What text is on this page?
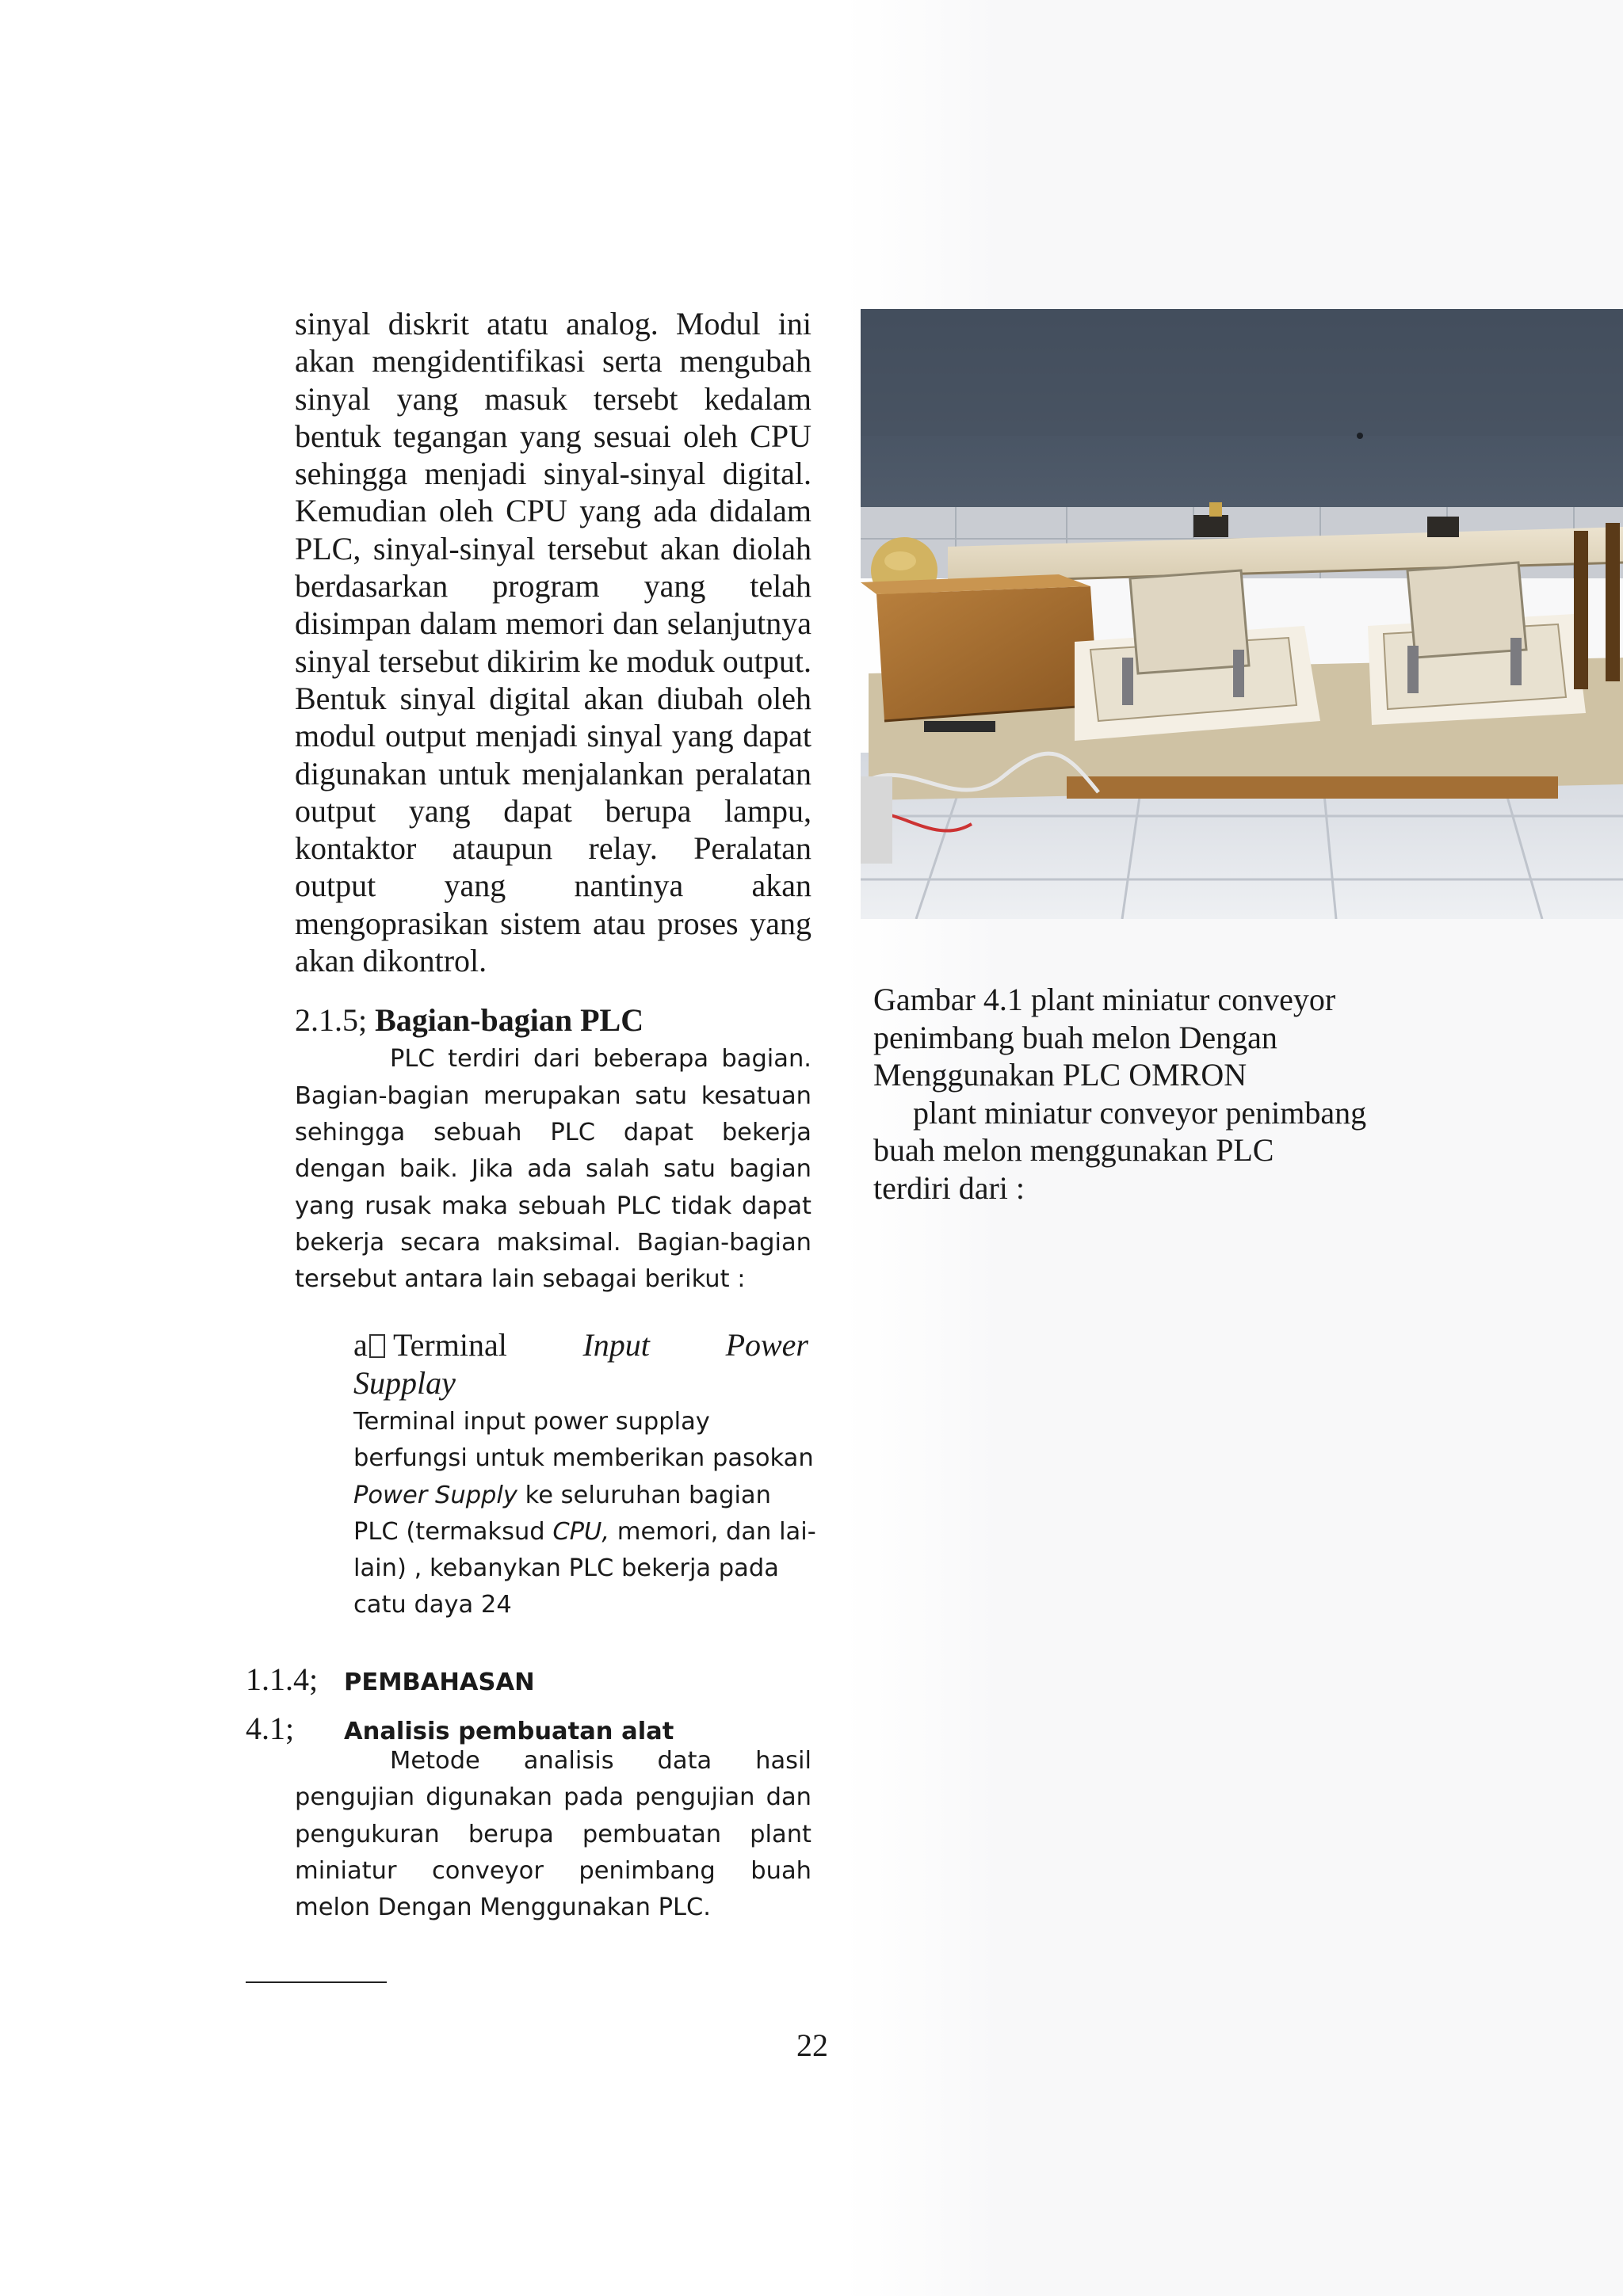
sinyal diskrit atatu analog. Modul ini akan mengidentifikasi serta mengubah sinyal yang masuk tersebt kedalam bentuk tegangan yang sesuai oleh CPU sehingga menjadi sinyal-sinyal digital. Kemudian oleh CPU yang ada didalam PLC, sinyal-sinyal tersebut akan diolah berdasarkan program yang telah disimpan dalam memori dan selanjutnya sinyal tersebut dikirim ke moduk output. Bentuk sinyal digital akan diubah oleh modul output menjadi sinyal yang dapat digunakan untuk menjalankan peralatan output yang dapat berupa lampu, kontaktor ataupun relay. Peralatan output yang nantinya akan mengoprasikan sistem atau proses yang akan dikontrol.

2.1.5; Bagian-bagian PLC

PLC terdiri dari beberapa bagian. Bagian-bagian merupakan satu kesatuan sehingga sebuah PLC dapat bekerja dengan baik. Jika ada salah satu bagian yang rusak maka sebuah PLC tidak dapat bekerja secara maksimal. Bagian-bagian tersebut antara lain sebagai berikut :

a Terminal Input Power
Supplay

Terminal input power supplay berfungsi untuk memberikan pasokan Power Supply ke seluruhan bagian PLC (termaksud CPU, memori, dan lai-lain) , kebanykan PLC bekerja pada catu daya 24

1.1.4;	PEMBAHASAN
4.1;	Analisis pembuatan alat

Metode analisis data hasil pengujian digunakan pada pengujian dan pengukuran berupa pembuatan plant miniatur conveyor penimbang buah melon Dengan Menggunakan PLC.

22
Gambar 4.1 plant miniatur conveyor
penimbang buah melon Dengan
Menggunakan PLC OMRON
plant miniatur conveyor penimbang
buah melon menggunakan PLC
terdiri dari :
